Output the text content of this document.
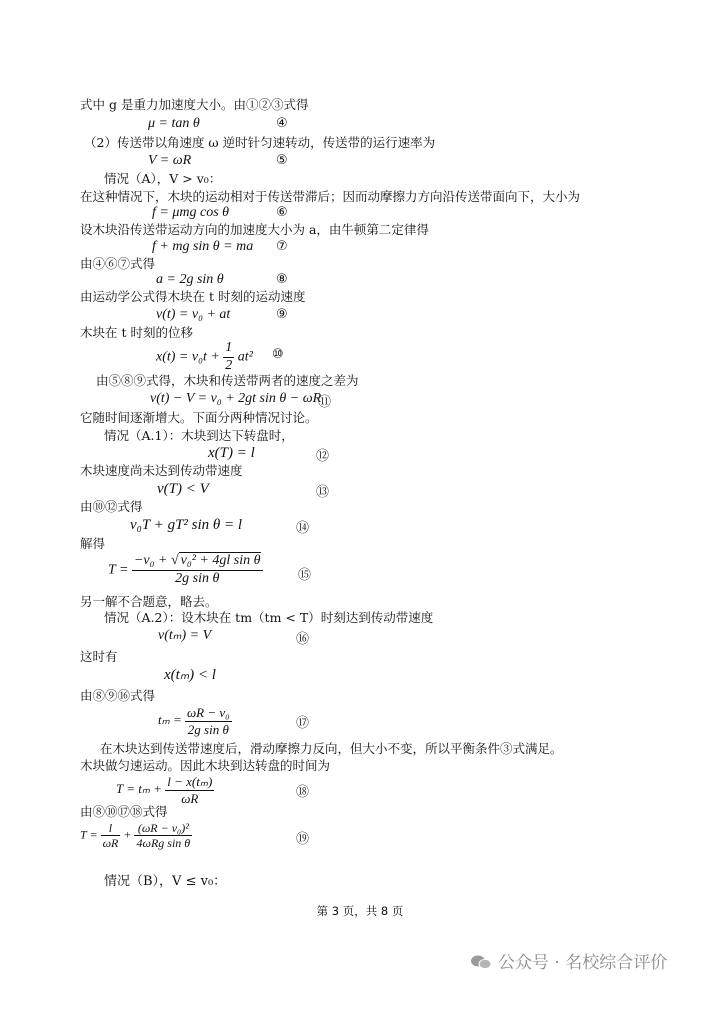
式中 g 是重力加速度大小。由①②③式得
μ = tan θ	④
（2）传送带以角速度 ω 逆时针匀速转动，传送带的运行速率为
V = ωR	⑤
情况（A），V > v₀：
在这种情况下，木块的运动相对于传送带滞后；因而动摩擦力方向沿传送带面向下，大小为
f = μmg cos θ	⑥
设木块沿传送带运动方向的加速度大小为 a，由牛顿第二定律得
f + mg sin θ = ma ⑦
由④⑥⑦式得
a = 2g sin θ	⑧
由运动学公式得木块在 t 时刻的运动速度
v(t) = v₀ + at	⑨
木块在 t 时刻的位移
$x(t) = v_0t + \frac{1}{2} at^2$ ⑩
由⑤⑧⑨式得，木块和传送带两者的速度之差为
v(t) − V = v₀ + 2gt sin θ − ωR
⑪
它随时间逐渐增大。下面分两种情况讨论。
情况（A.1）：木块到达下转盘时，
x(T) = l	⑫
木块速度尚未达到传动带速度
v(T) < V	⑬
由⑩⑫式得
v₀T + gT² sin θ = l	⑭
解得
$T = \frac{\text{−v₀ + √ v₀² + 4gl sin θ}}{\text{2g sin θ}}$	⑮
另一解不合题意，略去。
情况（A.2）：设木块在 tm（tm < T）时刻达到传动带速度
v(tₘ) = V	⑯
这时有
x(tₘ) < l
由⑧⑨⑯式得
$t_m = \frac{\text{ωR − v₀}}{\text{2g sin θ}}$	⑰
在木块达到传送带速度后，滑动摩擦力反向，但大小不变，所以平衡条件③式满足。
木块做匀速运动。因此木块到达转盘的时间为
$T = t_m + \frac{\text{l − x(tₘ)}}{\omega R}$	⑱
由⑧⑩⑰⑱式得
$T = \frac{l}{\omega R} + \frac{\text{(ωR − v₀)²}}{\text{4ωRg sin θ}}$	⑲
情况（B），V ≤ v₀：
第 3 页，共 8 页
公众号 · 名校综合评价
